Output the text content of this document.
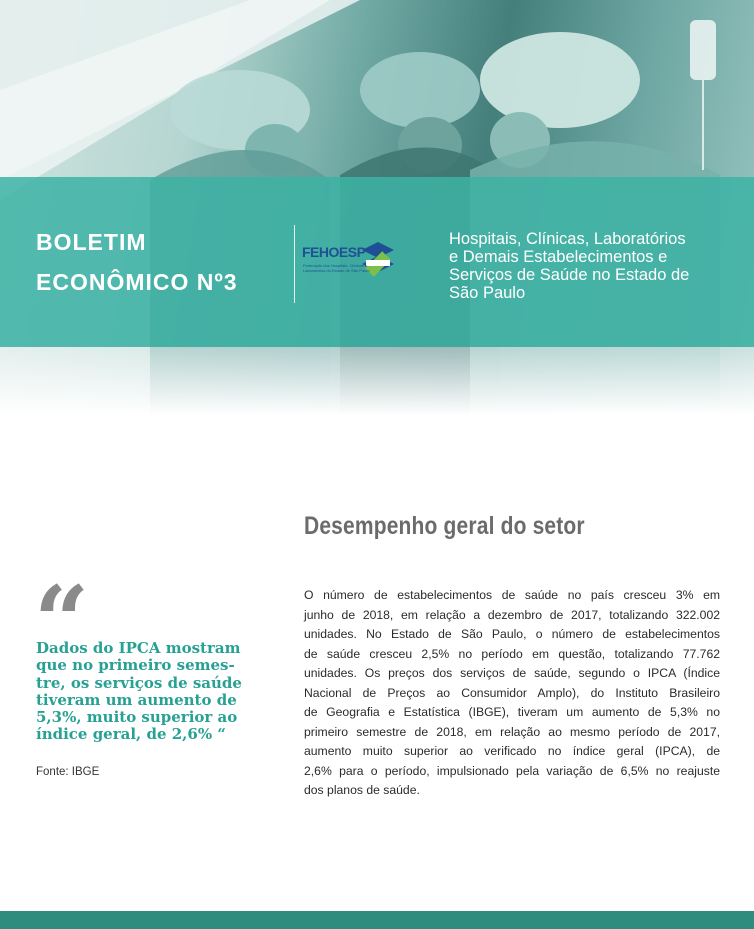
BOLETIM
ECONÔMICO Nº3
FEHOESP
Federação dos Hospitais, Clínicas e Laboratórios do Estado de São Paulo
Hospitais, Clínicas, Laboratórios
e Demais Estabelecimentos e
Serviços de Saúde no Estado de
São Paulo
Desempenho geral do setor
“
Dados do IPCA mostram
que no primeiro semes-
tre, os serviços de saúde
tiveram um aumento de
5,3%, muito superior ao
índice geral, de 2,6% “
Fonte: IBGE
O número de estabelecimentos de saúde no país cresceu 3% em
junho de 2018, em relação a dezembro de 2017, totalizando 322.002
unidades. No Estado de São Paulo, o número de estabelecimentos
de saúde cresceu 2,5% no período em questão, totalizando 77.762
unidades. Os preços dos serviços de saúde, segundo o IPCA (Índice
Nacional de Preços ao Consumidor Amplo), do Instituto Brasileiro
de Geografia e Estatística (IBGE), tiveram um aumento de 5,3% no
primeiro semestre de 2018, em relação ao mesmo período de 2017,
aumento muito superior ao verificado no índice geral (IPCA), de
2,6% para o período, impulsionado pela variação de 6,5% no reajuste
dos planos de saúde.
